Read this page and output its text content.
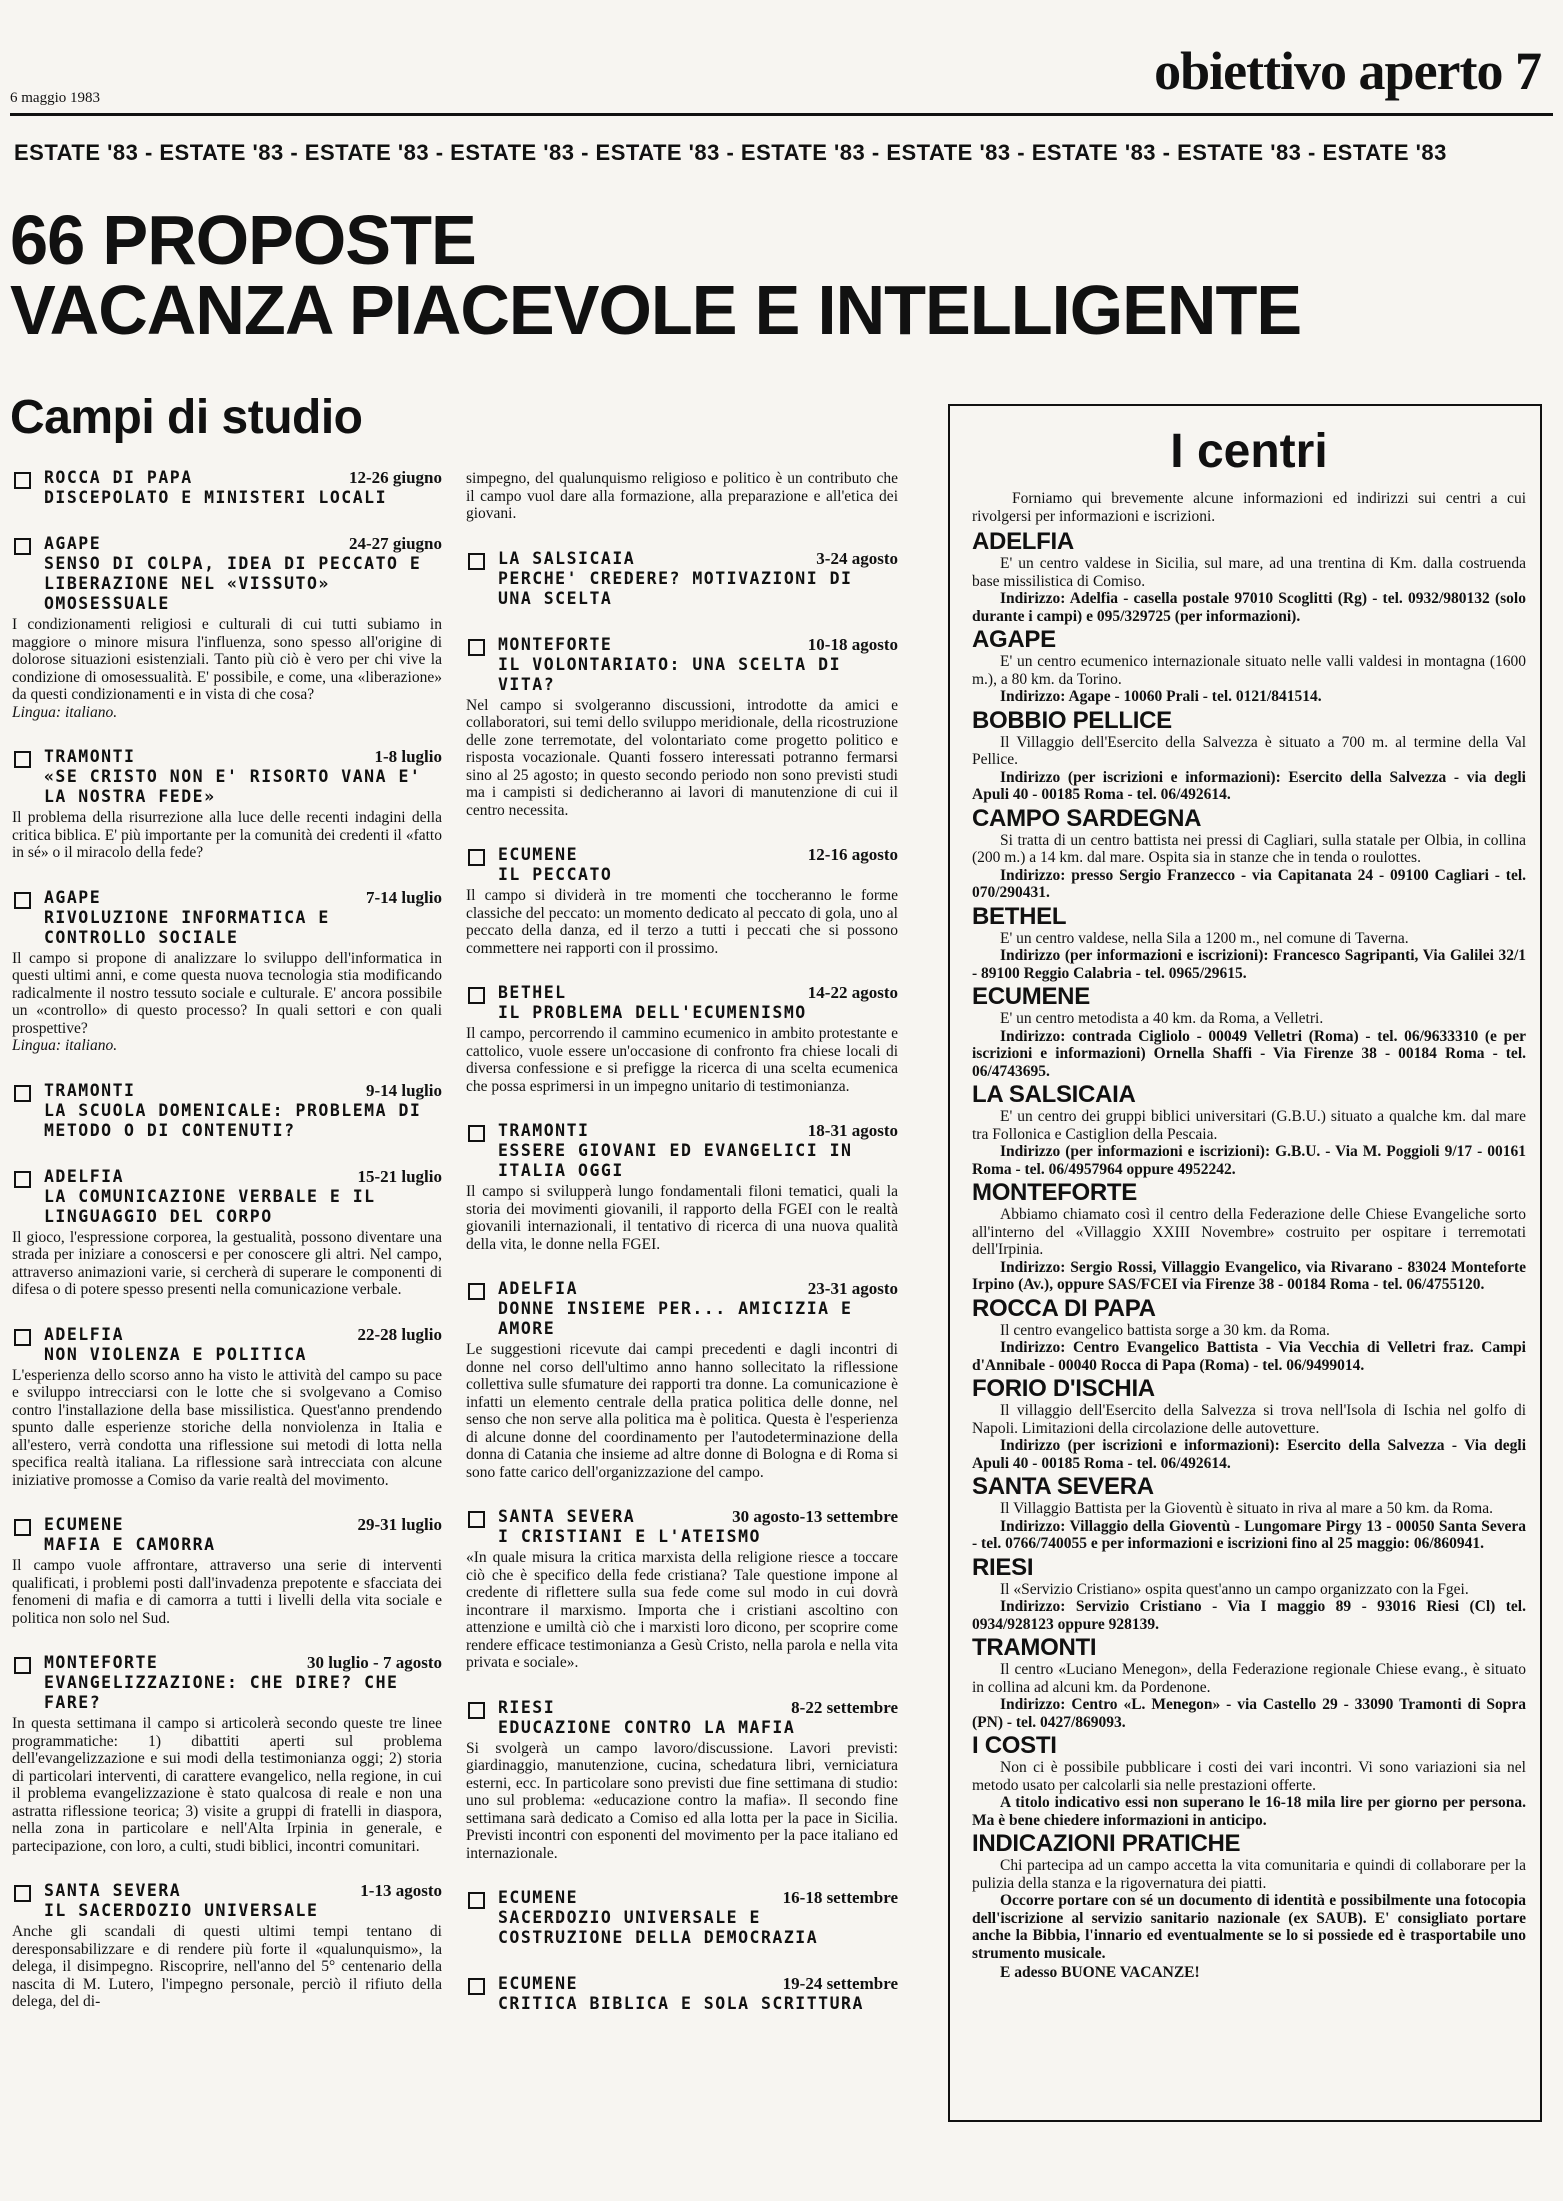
6 maggio 1983	obiettivo aperto 7
ESTATE '83 - ESTATE '83 - ESTATE '83 - ESTATE '83 - ESTATE '83 - ESTATE '83 - ESTATE '83 - ESTATE '83 - ESTATE '83 - ESTATE '83
66 PROPOSTE
VACANZA PIACEVOLE E INTELLIGENTE
Campi di studio
ROCCA DI PAPA	12-26 giugno

DISCEPOLATO E MINISTERI LOCALI
AGAPE	24-27 giugno

SENSO DI COLPA, IDEA DI PECCATO E LIBERAZIONE NEL «VISSUTO» OMOSESSUALE
I condizionamenti religiosi e culturali di cui tutti subiamo in maggiore o minore misura l'influenza, sono spesso all'origine di dolorose situazioni esistenziali. Tanto più ciò è vero per chi vive la condizione di omosessualità. E' possibile, e come, una «liberazione» da questi condizionamenti e in vista di che cosa?
Lingua: italiano.
TRAMONTI	1-8 luglio

«SE CRISTO NON E' RISORTO VANA E' LA NOSTRA FEDE»
Il problema della risurrezione alla luce delle recenti indagini della critica biblica. E' più importante per la comunità dei credenti il «fatto in sé» o il miracolo della fede?
AGAPE	7-14 luglio

RIVOLUZIONE INFORMATICA E CONTROLLO SOCIALE
Il campo si propone di analizzare lo sviluppo dell'informatica in questi ultimi anni, e come questa nuova tecnologia stia modificando radicalmente il nostro tessuto sociale e culturale. E' ancora possibile un «controllo» di questo processo? In quali settori e con quali prospettive?
Lingua: italiano.
TRAMONTI	9-14 luglio

LA SCUOLA DOMENICALE: PROBLEMA DI METODO O DI CONTENUTI?
ADELFIA	15-21 luglio

LA COMUNICAZIONE VERBALE E IL LINGUAGGIO DEL CORPO
Il gioco, l'espressione corporea, la gestualità, possono diventare una strada per iniziare a conoscersi e per conoscere gli altri. Nel campo, attraverso animazioni varie, si cercherà di superare le componenti di difesa o di potere spesso presenti nella comunicazione verbale.
ADELFIA	22-28 luglio

NON VIOLENZA E POLITICA
L'esperienza dello scorso anno ha visto le attività del campo su pace e sviluppo intrecciarsi con le lotte che si svolgevano a Comiso contro l'installazione della base missilistica. Quest'anno prendendo spunto dalle esperienze storiche della nonviolenza in Italia e all'estero, verrà condotta una riflessione sui metodi di lotta nella specifica realtà italiana. La riflessione sarà intrecciata con alcune iniziative promosse a Comiso da varie realtà del movimento.
ECUMENE	29-31 luglio

MAFIA E CAMORRA
Il campo vuole affrontare, attraverso una serie di interventi qualificati, i problemi posti dall'invadenza prepotente e sfacciata dei fenomeni di mafia e di camorra a tutti i livelli della vita sociale e politica non solo nel Sud.
MONTEFORTE	30 luglio - 7 agosto

EVANGELIZZAZIONE: CHE DIRE? CHE FARE?
In questa settimana il campo si articolerà secondo queste tre linee programmatiche: 1) dibattiti aperti sul problema dell'evangelizzazione e sui modi della testimonianza oggi; 2) storia di particolari interventi, di carattere evangelico, nella regione, in cui il problema evangelizzazione è stato qualcosa di reale e non una astratta riflessione teorica; 3) visite a gruppi di fratelli in diaspora, nella zona in particolare e nell'Alta Irpinia in generale, e partecipazione, con loro, a culti, studi biblici, incontri comunitari.
SANTA SEVERA	1-13 agosto

IL SACERDOZIO UNIVERSALE
Anche gli scandali di questi ultimi tempi tentano di deresponsabilizzare e di rendere più forte il «qualunquismo», la delega, il disimpegno. Riscoprire, nell'anno del 5° centenario della nascita di M. Lutero, l'impegno personale, perciò il rifiuto della delega, del di-
simpegno, del qualunquismo religioso e politico è un contributo che il campo vuol dare alla formazione, alla preparazione e all'etica dei giovani.
LA SALSICAIA	3-24 agosto

PERCHE' CREDERE? MOTIVAZIONI DI UNA SCELTA
MONTEFORTE	10-18 agosto

IL VOLONTARIATO: UNA SCELTA DI VITA?
Nel campo si svolgeranno discussioni, introdotte da amici e collaboratori, sui temi dello sviluppo meridionale, della ricostruzione delle zone terremotate, del volontariato come progetto politico e risposta vocazionale. Quanti fossero interessati potranno fermarsi sino al 25 agosto; in questo secondo periodo non sono previsti studi ma i campisti si dedicheranno ai lavori di manutenzione di cui il centro necessita.
ECUMENE	12-16 agosto

IL PECCATO
Il campo si dividerà in tre momenti che toccheranno le forme classiche del peccato: un momento dedicato al peccato di gola, uno al peccato della danza, ed il terzo a tutti i peccati che si possono commettere nei rapporti con il prossimo.
BETHEL	14-22 agosto

IL PROBLEMA DELL'ECUMENISMO
Il campo, percorrendo il cammino ecumenico in ambito protestante e cattolico, vuole essere un'occasione di confronto fra chiese locali di diversa confessione e si prefigge la ricerca di una scelta ecumenica che possa esprimersi in un impegno unitario di testimonianza.
TRAMONTI	18-31 agosto

ESSERE GIOVANI ED EVANGELICI IN ITALIA OGGI
Il campo si svilupperà lungo fondamentali filoni tematici, quali la storia dei movimenti giovanili, il rapporto della FGEI con le realtà giovanili internazionali, il tentativo di ricerca di una nuova qualità della vita, le donne nella FGEI.
ADELFIA	23-31 agosto

DONNE INSIEME PER... AMICIZIA E AMORE
Le suggestioni ricevute dai campi precedenti e dagli incontri di donne nel corso dell'ultimo anno hanno sollecitato la riflessione collettiva sulle sfumature dei rapporti tra donne. La comunicazione è infatti un elemento centrale della pratica politica delle donne, nel senso che non serve alla politica ma è politica. Questa è l'esperienza di alcune donne del coordinamento per l'autodeterminazione della donna di Catania che insieme ad altre donne di Bologna e di Roma si sono fatte carico dell'organizzazione del campo.
SANTA SEVERA	30 agosto-13 settembre

I CRISTIANI E L'ATEISMO
«In quale misura la critica marxista della religione riesce a toccare ciò che è specifico della fede cristiana? Tale questione impone al credente di riflettere sulla sua fede come sul modo in cui dovrà incontrare il marxismo. Importa che i cristiani ascoltino con attenzione e umiltà ciò che i marxisti loro dicono, per scoprire come rendere efficace testimonianza a Gesù Cristo, nella parola e nella vita privata e sociale».
RIESI	8-22 settembre

EDUCAZIONE CONTRO LA MAFIA
Si svolgerà un campo lavoro/discussione. Lavori previsti: giardinaggio, manutenzione, cucina, schedatura libri, verniciatura esterni, ecc. In particolare sono previsti due fine settimana di studio: uno sul problema: «educazione contro la mafia». Il secondo fine settimana sarà dedicato a Comiso ed alla lotta per la pace in Sicilia. Previsti incontri con esponenti del movimento per la pace italiano ed internazionale.
ECUMENE	16-18 settembre

SACERDOZIO UNIVERSALE E COSTRUZIONE DELLA DEMOCRAZIA
ECUMENE	19-24 settembre

CRITICA BIBLICA E SOLA SCRITTURA
I centri
Forniamo qui brevemente alcune informazioni ed indirizzi sui centri a cui rivolgersi per informazioni e iscrizioni.
ADELFIA
E' un centro valdese in Sicilia, sul mare, ad una trentina di Km. dalla costruenda base missilistica di Comiso.
Indirizzo: Adelfia - casella postale 97010 Scoglitti (Rg) - tel. 0932/980132 (solo durante i campi) e 095/329725 (per informazioni).
AGAPE
E' un centro ecumenico internazionale situato nelle valli valdesi in montagna (1600 m.), a 80 km. da Torino.
Indirizzo: Agape - 10060 Prali - tel. 0121/841514.
BOBBIO PELLICE
Il Villaggio dell'Esercito della Salvezza è situato a 700 m. al termine della Val Pellice.
Indirizzo (per iscrizioni e informazioni): Esercito della Salvezza - via degli Apuli 40 - 00185 Roma - tel. 06/492614.
CAMPO SARDEGNA
Si tratta di un centro battista nei pressi di Cagliari, sulla statale per Olbia, in collina (200 m.) a 14 km. dal mare. Ospita sia in stanze che in tenda o roulottes.
Indirizzo: presso Sergio Franzecco - via Capitanata 24 - 09100 Cagliari - tel. 070/290431.
BETHEL
E' un centro valdese, nella Sila a 1200 m., nel comune di Taverna.
Indirizzo (per informazioni e iscrizioni): Francesco Sagripanti, Via Galilei 32/1 - 89100 Reggio Calabria - tel. 0965/29615.
ECUMENE
E' un centro metodista a 40 km. da Roma, a Velletri.
Indirizzo: contrada Cigliolo - 00049 Velletri (Roma) - tel. 06/9633310 (e per iscrizioni e informazioni) Ornella Shaffi - Via Firenze 38 - 00184 Roma - tel. 06/4743695.
LA SALSICAIA
E' un centro dei gruppi biblici universitari (G.B.U.) situato a qualche km. dal mare tra Follonica e Castiglion della Pescaia.
Indirizzo (per informazioni e iscrizioni): G.B.U. - Via M. Poggioli 9/17 - 00161 Roma - tel. 06/4957964 oppure 4952242.
MONTEFORTE
Abbiamo chiamato così il centro della Federazione delle Chiese Evangeliche sorto all'interno del «Villaggio XXIII Novembre» costruito per ospitare i terremotati dell'Irpinia.
Indirizzo: Sergio Rossi, Villaggio Evangelico, via Rivarano - 83024 Monteforte Irpino (Av.), oppure SAS/FCEI via Firenze 38 - 00184 Roma - tel. 06/4755120.
ROCCA DI PAPA
Il centro evangelico battista sorge a 30 km. da Roma.
Indirizzo: Centro Evangelico Battista - Via Vecchia di Velletri fraz. Campi d'Annibale - 00040 Rocca di Papa (Roma) - tel. 06/9499014.
FORIO D'ISCHIA
Il villaggio dell'Esercito della Salvezza si trova nell'Isola di Ischia nel golfo di Napoli. Limitazioni della circolazione delle autovetture.
Indirizzo (per iscrizioni e informazioni): Esercito della Salvezza - Via degli Apuli 40 - 00185 Roma - tel. 06/492614.
SANTA SEVERA
Il Villaggio Battista per la Gioventù è situato in riva al mare a 50 km. da Roma.
Indirizzo: Villaggio della Gioventù - Lungomare Pirgy 13 - 00050 Santa Severa - tel. 0766/740055 e per informazioni e iscrizioni fino al 25 maggio: 06/860941.
RIESI
Il «Servizio Cristiano» ospita quest'anno un campo organizzato con la Fgei.
Indirizzo: Servizio Cristiano - Via I maggio 89 - 93016 Riesi (Cl) tel. 0934/928123 oppure 928139.
TRAMONTI
Il centro «Luciano Menegon», della Federazione regionale Chiese evang., è situato in collina ad alcuni km. da Pordenone.
Indirizzo: Centro «L. Menegon» - via Castello 29 - 33090 Tramonti di Sopra (PN) - tel. 0427/869093.
I COSTI
Non ci è possibile pubblicare i costi dei vari incontri. Vi sono variazioni sia nel metodo usato per calcolarli sia nelle prestazioni offerte.
A titolo indicativo essi non superano le 16-18 mila lire per giorno per persona. Ma è bene chiedere informazioni in anticipo.
INDICAZIONI PRATICHE
Chi partecipa ad un campo accetta la vita comunitaria e quindi di collaborare per la pulizia della stanza e la rigovernatura dei piatti.
Occorre portare con sé un documento di identità e possibilmente una fotocopia dell'iscrizione al servizio sanitario nazionale (ex SAUB). E' consigliato portare anche la Bibbia, l'innario ed eventualmente se lo si possiede ed è trasportabile uno strumento musicale.
E adesso BUONE VACANZE!
